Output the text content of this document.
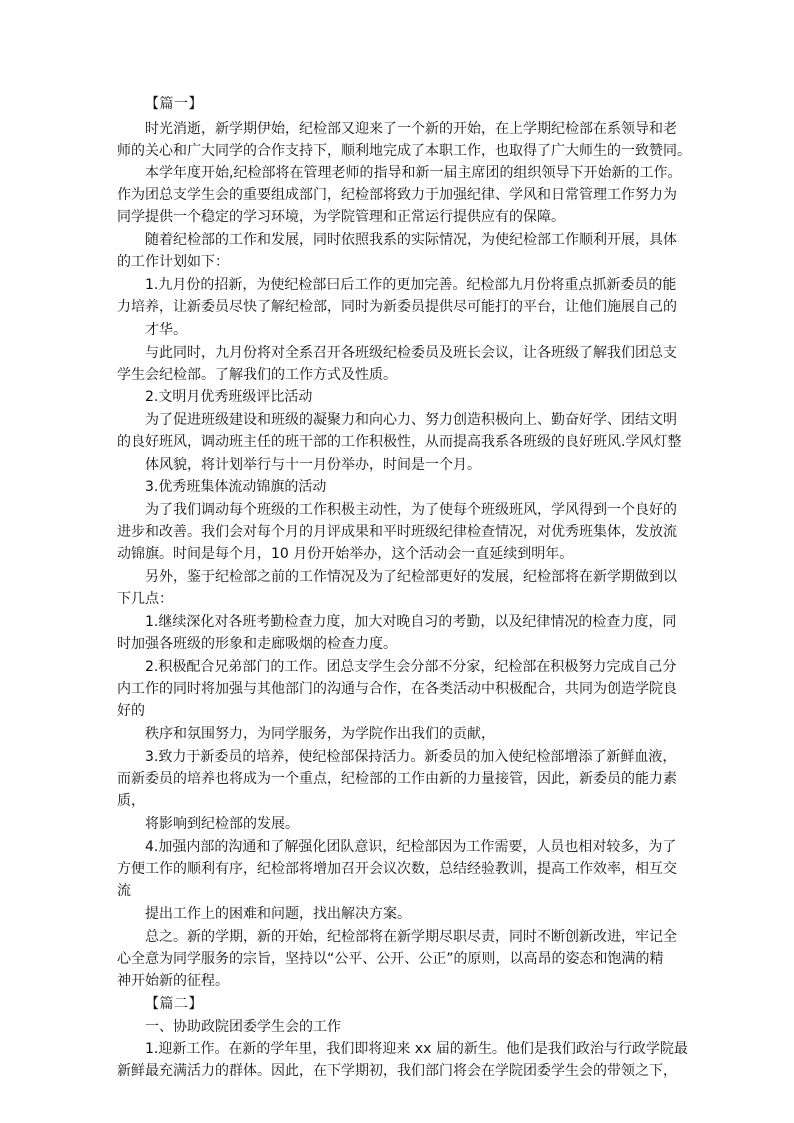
【篇一】
时光消逝，新学期伊始，纪检部又迎来了一个新的开始，在上学期纪检部在系领导和老
师的关心和广大同学的合作支持下，顺利地完成了本职工作，也取得了广大师生的一致赞同。
本学年度开始,纪检部将在管理老师的指导和新一届主席团的组织领导下开始新的工作。
作为团总支学生会的重要组成部门，纪检部将致力于加强纪律、学风和日常管理工作努力为
同学提供一个稳定的学习环境，为学院管理和正常运行提供应有的保障。
随着纪检部的工作和发展，同时依照我系的实际情况，为使纪检部工作顺利开展，具体
的工作计划如下：
1.九月份的招新，为使纪检部曰后工作的更加完善。纪检部九月份将重点抓新委员的能
力培养，让新委员尽快了解纪检部，同时为新委员提供尽可能打的平台，让他们施展自己的
才华。
与此同时，九月份将对全系召开各班级纪检委员及班长会议，让各班级了解我们团总支
学生会纪检部。了解我们的工作方式及性质。
2.文明月优秀班级评比活动
为了促进班级建设和班级的凝聚力和向心力、努力创造积极向上、勤奋好学、团结文明
的良好班风，调动班主任的班干部的工作积极性，从而提高我系各班级的良好班风.学风灯整
体风貌，将计划举行与十一月份举办，时间是一个月。
3.优秀班集体流动锦旗的活动
为了我们调动每个班级的工作积极主动性，为了使每个班级班风，学风得到一个良好的
进步和改善。我们会对每个月的月评成果和平时班级纪律检查情况，对优秀班集体，发放流
动锦旗。时间是每个月，10 月份开始举办，这个活动会一直延续到明年。
另外，鉴于纪检部之前的工作情况及为了纪检部更好的发展，纪检部将在新学期做到以
下几点：
1.继续深化对各班考勤检查力度，加大对晚自习的考勤，以及纪律情况的检查力度，同
时加强各班级的形象和走廊吸烟的检查力度。
2.积极配合兄弟部门的工作。团总支学生会分部不分家，纪检部在积极努力完成自己分
内工作的同时将加强与其他部门的沟通与合作，在各类活动中积极配合，共同为创造学院良
好的
秩序和氛围努力，为同学服务，为学院作出我们的贡献，
3.致力于新委员的培养，使纪检部保持活力。新委员的加入使纪检部增添了新鲜血液，
而新委员的培养也将成为一个重点，纪检部的工作由新的力量接管，因此，新委员的能力素
质，
将影响到纪检部的发展。
4.加强内部的沟通和了解强化团队意识，纪检部因为工作需要，人员也相对较多，为了
方便工作的顺利有序，纪检部将增加召开会议次数，总结经验教训，提高工作效率，相互交
流
提出工作上的困难和问题，找出解决方案。
总之。新的学期，新的开始，纪检部将在新学期尽职尽责，同时不断创新改进，牢记全
心全意为同学服务的宗旨，坚持以“公平、公开、公正”的原则，以高昂的姿态和饱满的精
神开始新的征程。
【篇二】
一、协助政院团委学生会的工作
1.迎新工作。在新的学年里，我们即将迎来 xx 届的新生。他们是我们政治与行政学院最
新鲜最充满活力的群体。因此，在下学期初，我们部门将会在学院团委学生会的带领之下，
